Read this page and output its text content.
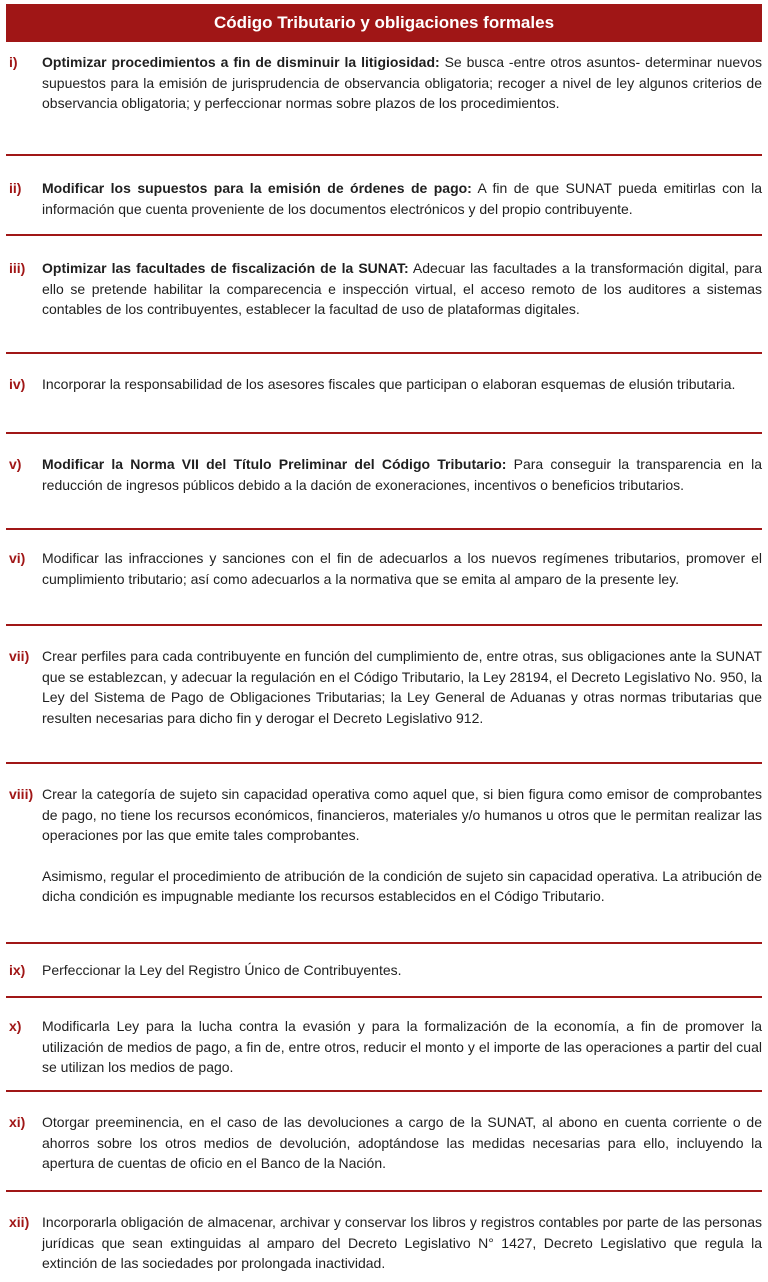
Código Tributario y obligaciones formales
i)	Optimizar procedimientos a fin de disminuir la litigiosidad: Se busca -entre otros asuntos- determinar nuevos supuestos para la emisión de jurisprudencia de observancia obligatoria; recoger a nivel de ley algunos criterios de observancia obligatoria; y perfeccionar normas sobre plazos de los procedimientos.

ii)	Modificar los supuestos para la emisión de órdenes de pago: A fin de que SUNAT pueda emitirlas con la información que cuenta proveniente de los documentos electrónicos y del propio contribuyente.

iii)	Optimizar las facultades de fiscalización de la SUNAT: Adecuar las facultades a la transformación digital, para ello se pretende habilitar la comparecencia e inspección virtual, el acceso remoto de los auditores a sistemas contables de los contribuyentes, establecer la facultad de uso de plataformas digitales.

iv)	Incorporar la responsabilidad de los asesores fiscales que participan o elaboran esquemas de elusión tributaria.

v)	Modificar la Norma VII del Título Preliminar del Código Tributario: Para conseguir la transparencia en la reducción de ingresos públicos debido a la dación de exoneraciones, incentivos o beneficios tributarios.

vi)	Modificar las infracciones y sanciones con el fin de adecuarlos a los nuevos regímenes tributarios, promover el cumplimiento tributario; así como adecuarlos a la normativa que se emita al amparo de la presente ley.

vii) Crear perfiles para cada contribuyente en función del cumplimiento de, entre otras, sus obligaciones ante la SUNAT que se establezcan, y adecuar la regulación en el Código Tributario, la Ley 28194, el Decreto Legislativo No. 950, la Ley del Sistema de Pago de Obligaciones Tributarias; la Ley General de Aduanas y otras normas tributarias que resulten necesarias para dicho fin y derogar el Decreto Legislativo 912.

viii) Crear la categoría de sujeto sin capacidad operativa como aquel que, si bien figura como emisor de comprobantes de pago, no tiene los recursos económicos, financieros, materiales y/o humanos u otros que le permitan realizar las operaciones por las que emite tales comprobantes.

Asimismo, regular el procedimiento de atribución de la condición de sujeto sin capacidad operativa. La atribución de dicha condición es impugnable mediante los recursos establecidos en el Código Tributario.

ix)	Perfeccionar la Ley del Registro Único de Contribuyentes.

x)	Modificarla Ley para la lucha contra la evasión y para la formalización de la economía, a fin de promover la utilización de medios de pago, a fin de, entre otros, reducir el monto y el importe de las operaciones a partir del cual se utilizan los medios de pago.

xi)	Otorgar preeminencia, en el caso de las devoluciones a cargo de la SUNAT, al abono en cuenta corriente o de ahorros sobre los otros medios de devolución, adoptándose las medidas necesarias para ello, incluyendo la apertura de cuentas de oficio en el Banco de la Nación.

xii) Incorporarla obligación de almacenar, archivar y conservar los libros y registros contables por parte de las personas jurídicas que sean extinguidas al amparo del Decreto Legislativo N° 1427, Decreto Legislativo que regula la extinción de las sociedades por prolongada inactividad.
